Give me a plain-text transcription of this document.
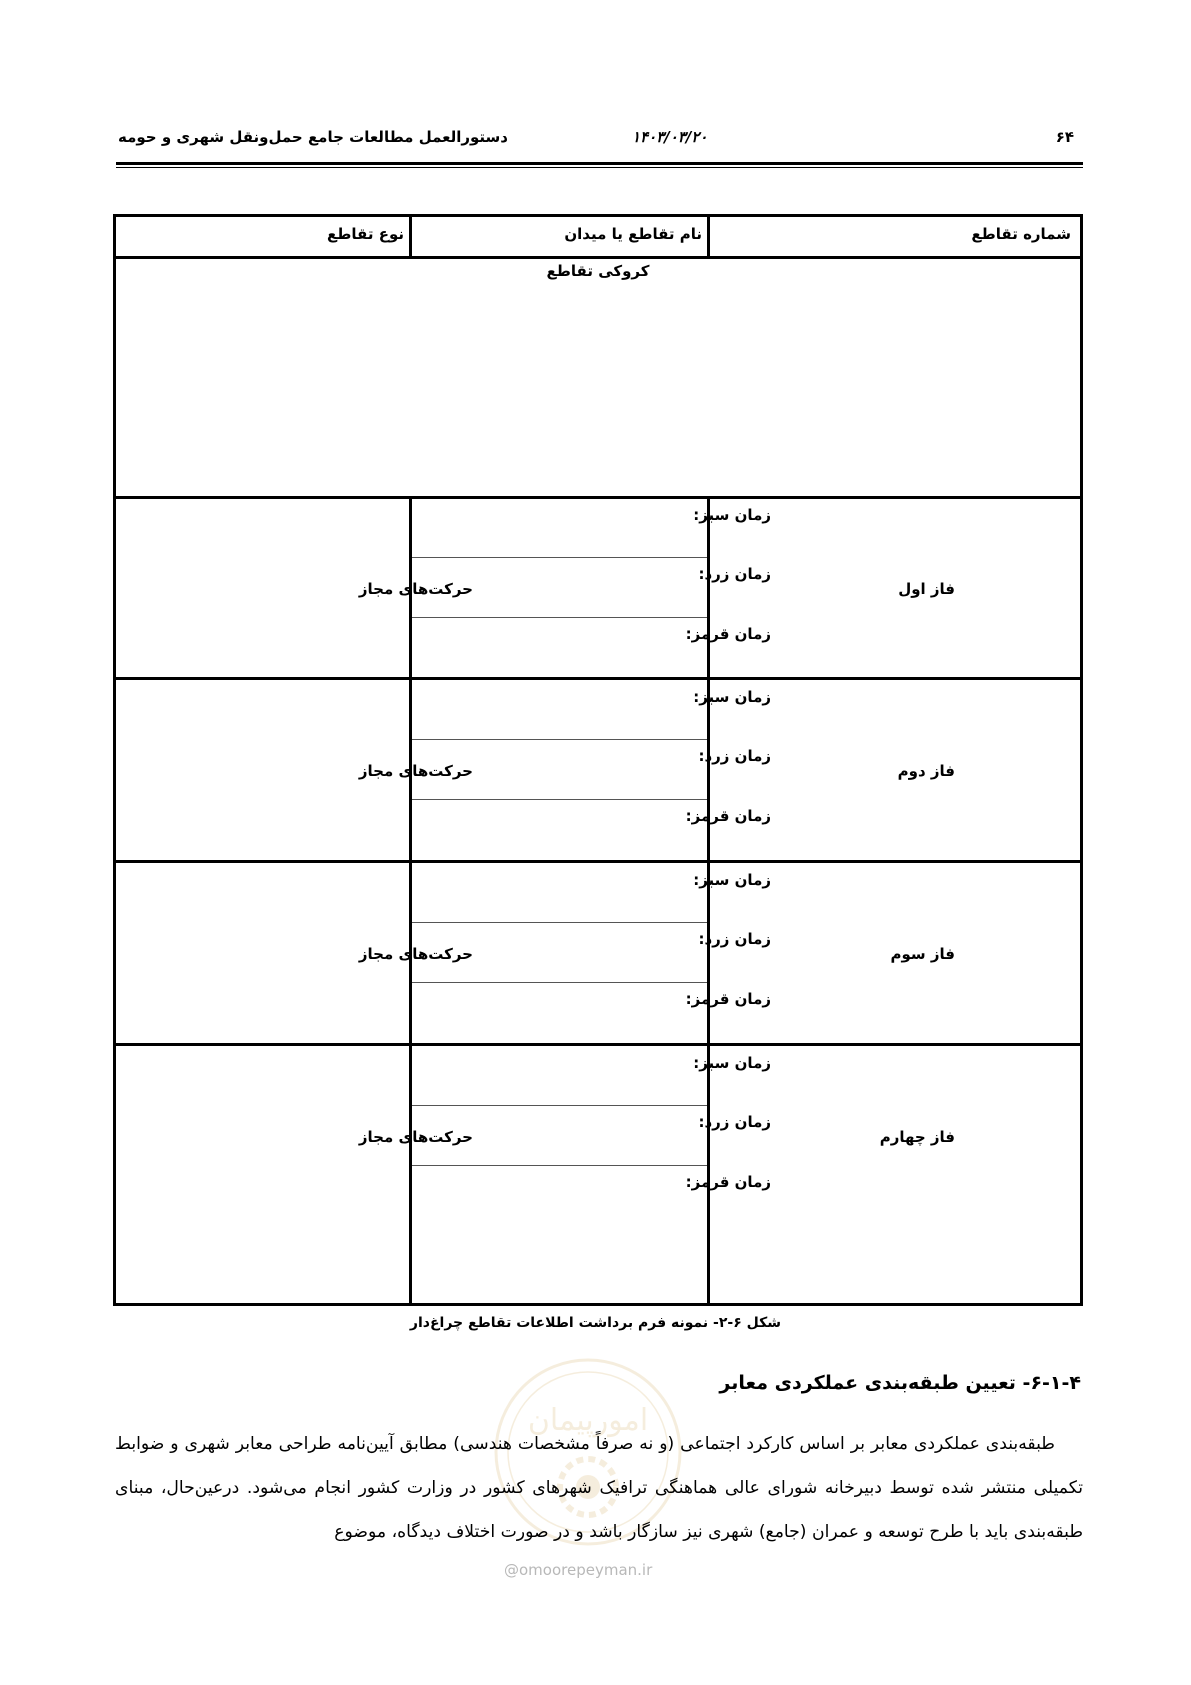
دستورالعمل مطالعات جامع حمل‌ونقل شهری و حومه	۱۴۰۳/۰۳/۲۰	۶۴
شماره تقاطع
نام تقاطع یا میدان
نوع تقاطع
کروکی تقاطع
فاز اول
زمان سبز:
زمان زرد:
زمان قرمز:
حرکت‌های مجاز
فاز دوم
زمان سبز:
زمان زرد:
زمان قرمز:
حرکت‌های مجاز
فاز سوم
زمان سبز:
زمان زرد:
زمان قرمز:
حرکت‌های مجاز
فاز چهارم
زمان سبز:
زمان زرد:
زمان قرمز:
حرکت‌های مجاز
شکل ۶-۲- نمونه فرم برداشت اطلاعات تقاطع چراغ‌دار
امورپیمان
۶-۱-۴- تعیین طبقه‌بندی عملکردی معابر

طبقه‌بندی عملکردی معابر بر اساس کارکرد اجتماعی (و نه صرفاً مشخصات هندسی) مطابق آیین‌نامه طراحی معابر شهری و ضوابط تکمیلی منتشر شده توسط دبیرخانه شورای عالی هماهنگی ترافیک شهرهای کشور در وزارت کشور انجام می‌شود. درعین‌حال، مبنای طبقه‌بندی باید با طرح توسعه و عمران (جامع) شهری نیز سازگار باشد و در صورت اختلاف دیدگاه، موضوع

@omoorepeyman.ir
